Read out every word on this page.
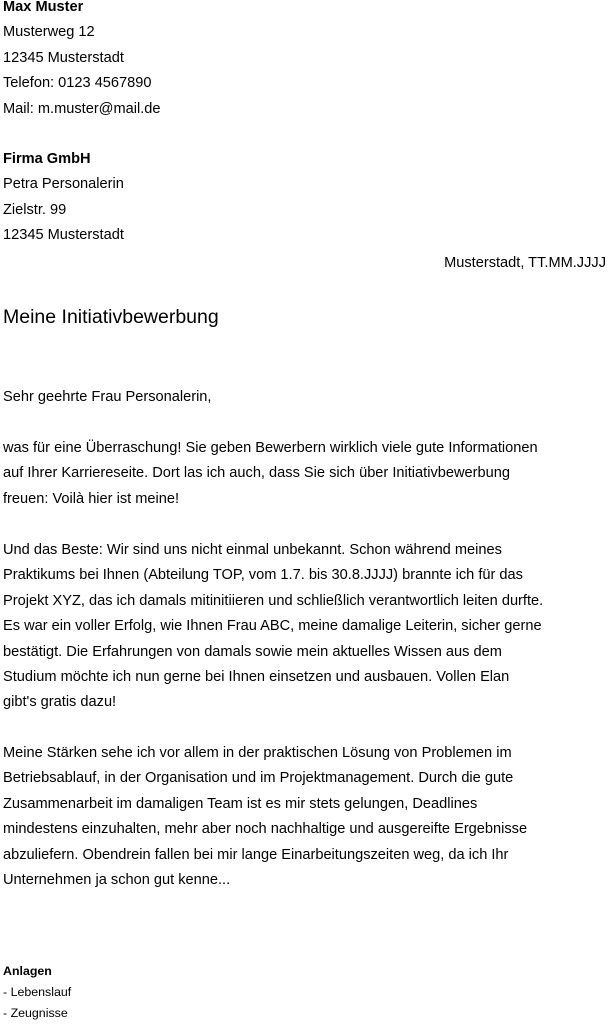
Max Muster
Musterweg 12
12345 Musterstadt
Telefon: 0123 4567890
Mail: m.muster@mail.de
Firma GmbH
Petra Personalerin
Zielstr. 99
12345 Musterstadt
Musterstadt, TT.MM.JJJJ
Meine Initiativbewerbung
Sehr geehrte Frau Personalerin,
was für eine Überraschung! Sie geben Bewerbern wirklich viele gute Informationen
auf Ihrer Karriereseite. Dort las ich auch, dass Sie sich über Initiativbewerbung
freuen: Voilà hier ist meine!
Und das Beste: Wir sind uns nicht einmal unbekannt. Schon während meines
Praktikums bei Ihnen (Abteilung TOP, vom 1.7. bis 30.8.JJJJ) brannte ich für das
Projekt XYZ, das ich damals mitinitiieren und schließlich verantwortlich leiten durfte.
Es war ein voller Erfolg, wie Ihnen Frau ABC, meine damalige Leiterin, sicher gerne
bestätigt. Die Erfahrungen von damals sowie mein aktuelles Wissen aus dem
Studium möchte ich nun gerne bei Ihnen einsetzen und ausbauen. Vollen Elan
gibt's gratis dazu!
Meine Stärken sehe ich vor allem in der praktischen Lösung von Problemen im
Betriebsablauf, in der Organisation und im Projektmanagement. Durch die gute
Zusammenarbeit im damaligen Team ist es mir stets gelungen, Deadlines
mindestens einzuhalten, mehr aber noch nachhaltige und ausgereifte Ergebnisse
abzuliefern. Obendrein fallen bei mir lange Einarbeitungszeiten weg, da ich Ihr
Unternehmen ja schon gut kenne...
Anlagen
- Lebenslauf
- Zeugnisse
